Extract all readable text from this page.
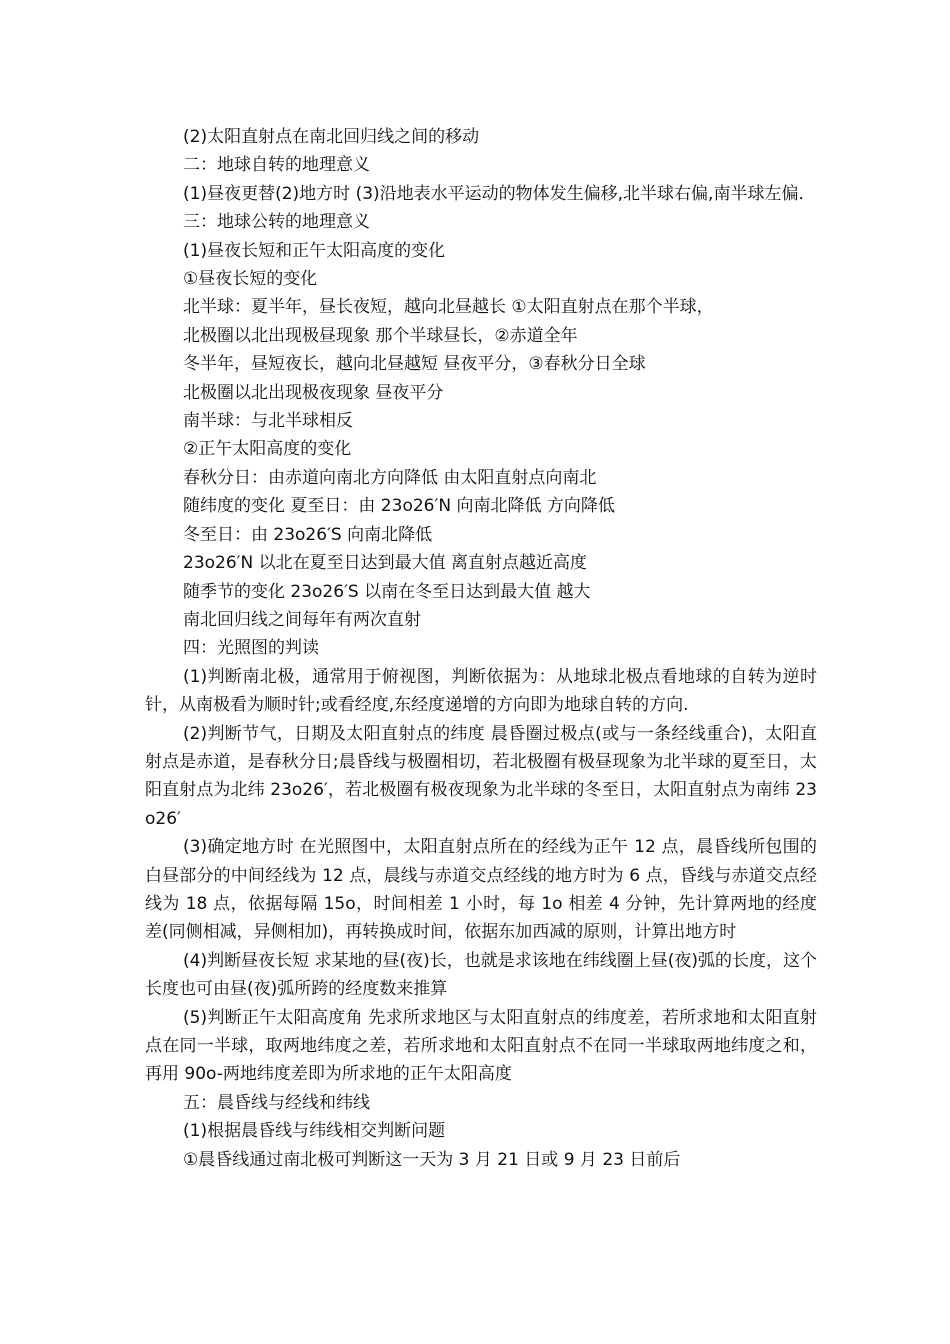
(2)太阳直射点在南北回归线之间的移动

二：地球自转的地理意义

(1)昼夜更替(2)地方时 (3)沿地表水平运动的物体发生偏移,北半球右偏,南半球左偏.

三：地球公转的地理意义

(1)昼夜长短和正午太阳高度的变化

①昼夜长短的变化

北半球：夏半年，昼长夜短，越向北昼越长 ①太阳直射点在那个半球，

北极圈以北出现极昼现象 那个半球昼长，②赤道全年

冬半年，昼短夜长，越向北昼越短 昼夜平分，③春秋分日全球

北极圈以北出现极夜现象 昼夜平分

南半球：与北半球相反

②正午太阳高度的变化

春秋分日：由赤道向南北方向降低 由太阳直射点向南北

随纬度的变化 夏至日：由 23o26′N 向南北降低 方向降低

冬至日：由 23o26′S 向南北降低

23o26′N 以北在夏至日达到最大值 离直射点越近高度

随季节的变化 23o26′S 以南在冬至日达到最大值 越大

南北回归线之间每年有两次直射

四：光照图的判读

(1)判断南北极，通常用于俯视图，判断依据为：从地球北极点看地球的自转为逆时针，从南极看为顺时针;或看经度,东经度递增的方向即为地球自转的方向.

(2)判断节气，日期及太阳直射点的纬度 晨昏圈过极点(或与一条经线重合)，太阳直射点是赤道，是春秋分日;晨昏线与极圈相切，若北极圈有极昼现象为北半球的夏至日，太阳直射点为北纬 23o26′，若北极圈有极夜现象为北半球的冬至日，太阳直射点为南纬 23o26′

(3)确定地方时 在光照图中，太阳直射点所在的经线为正午 12 点，晨昏线所包围的白昼部分的中间经线为 12 点，晨线与赤道交点经线的地方时为 6 点，昏线与赤道交点经线为 18 点，依据每隔 15o，时间相差 1 小时，每 1o 相差 4 分钟，先计算两地的经度差(同侧相减，异侧相加)，再转换成时间，依据东加西减的原则，计算出地方时

(4)判断昼夜长短 求某地的昼(夜)长，也就是求该地在纬线圈上昼(夜)弧的长度，这个长度也可由昼(夜)弧所跨的经度数来推算

(5)判断正午太阳高度角 先求所求地区与太阳直射点的纬度差，若所求地和太阳直射点在同一半球，取两地纬度之差，若所求地和太阳直射点不在同一半球取两地纬度之和，再用 90o-两地纬度差即为所求地的正午太阳高度

五：晨昏线与经线和纬线

(1)根据晨昏线与纬线相交判断问题

①晨昏线通过南北极可判断这一天为 3 月 21 日或 9 月 23 日前后
